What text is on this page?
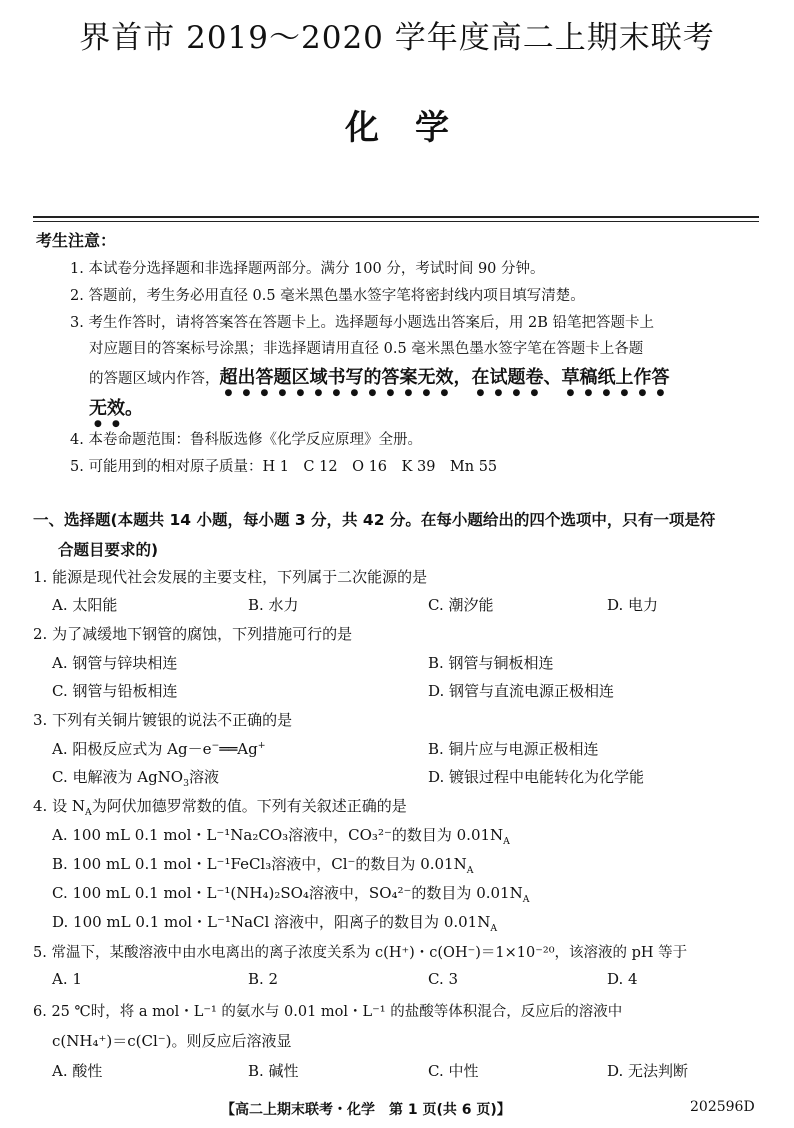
界首市 2019～2020 学年度高二上期末联考
化学
考生注意：
1. 本试卷分选择题和非选择题两部分。满分 100 分，考试时间 90 分钟。
2. 答题前，考生务必用直径 0.5 毫米黑色墨水签字笔将密封线内项目填写清楚。
3. 考生作答时，请将答案答在答题卡上。选择题每小题选出答案后，用 2B 铅笔把答题卡上
对应题目的答案标号涂黑；非选择题请用直径 0.5 毫米黑色墨水签字笔在答题卡上各题
的答题区域内作答，超出答题区域书写的答案无效，在试题卷、草稿纸上作答
无效。
4. 本卷命题范围：鲁科版选修《化学反应原理》全册。
5. 可能用到的相对原子质量：H 1　C 12　O 16　K 39　Mn 55
一、选择题(本题共 14 小题，每小题 3 分，共 42 分。在每小题给出的四个选项中，只有一项是符
合题目要求的)
1. 能源是现代社会发展的主要支柱，下列属于二次能源的是
A. 太阳能	B. 水力	C. 潮汐能	D. 电力
2. 为了减缓地下钢管的腐蚀，下列措施可行的是
A. 钢管与锌块相连	B. 钢管与铜板相连
C. 钢管与铅板相连	D. 钢管与直流电源正极相连
3. 下列有关铜片镀银的说法不正确的是
A. 阳极反应式为 Ag－e−══Ag+	B. 铜片应与电源正极相连
C. 电解液为 AgNO$_3$溶液	D. 镀银过程中电能转化为化学能
4. 设 $N_A$为阿伏加德罗常数的值。下列有关叙述正确的是
A. 100 mL 0.1 mol・L⁻¹Na₂CO₃溶液中，CO₃²⁻的数目为 $0.01N_A$
B. 100 mL 0.1 mol・L⁻¹FeCl₃溶液中，Cl⁻的数目为 $0.01N_A$
C. 100 mL 0.1 mol・L⁻¹(NH₄)₂SO₄溶液中，SO₄²⁻的数目为 $0.01N_A$
D. 100 mL 0.1 mol・L⁻¹NaCl 溶液中，阳离子的数目为 $0.01N_A$
5. 常温下，某酸溶液中由水电离出的离子浓度关系为 c(H⁺)・c(OH⁻)＝1×10⁻²⁰，该溶液的 pH 等于
A. 1	B. 2	C. 3	D. 4
6. 25 ℃时，将 a mol・L⁻¹ 的氨水与 0.01 mol・L⁻¹ 的盐酸等体积混合，反应后的溶液中
c(NH₄⁺)＝c(Cl⁻)。则反应后溶液显
A. 酸性	B. 碱性	C. 中性	D. 无法判断
【高二上期末联考・化学　第 1 页(共 6 页)】	202596D
